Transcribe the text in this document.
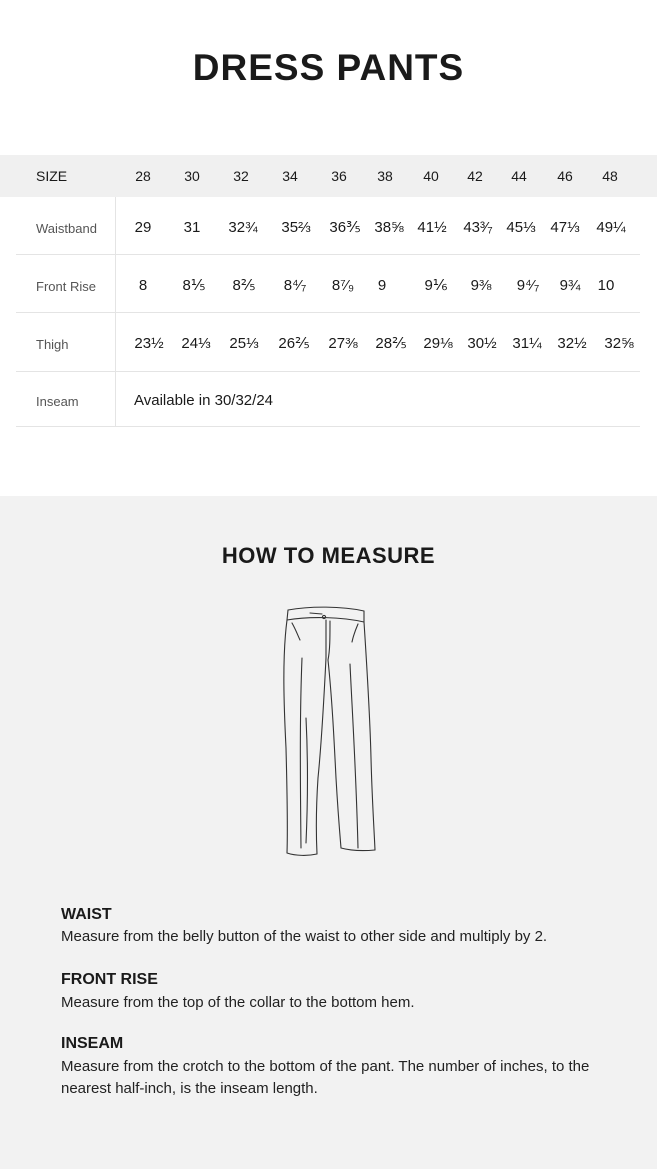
DRESS PANTS
SIZE	28 30 32 34 36 38 40 42 44 46 48
Waistband	29 31 32¾ 35⅔ 36⅗ 38⅝ 41½ 43³⁄₇ 45⅓ 47⅓ 49¼
Front Rise	8 8⅕ 8⅖ 8⁴⁄₇ 8⁷⁄₉ 9	9⅙ 9⅜ 9⁴⁄₇ 9¾ 10
Thigh	23½ 24⅓ 25⅓ 26⅖ 27⅜ 28⅖ 29⅛ 30½ 31¼ 32½ 32⅝
Inseam	Available in 30/32/24
HOW TO MEASURE
WAIST
Measure from the belly button of the waist to other side and multiply by 2.
FRONT RISE
Measure from the top of the collar to the bottom hem.
INSEAM
Measure from the crotch to the bottom of the pant. The number of inches, to the nearest half-inch, is the inseam length.
